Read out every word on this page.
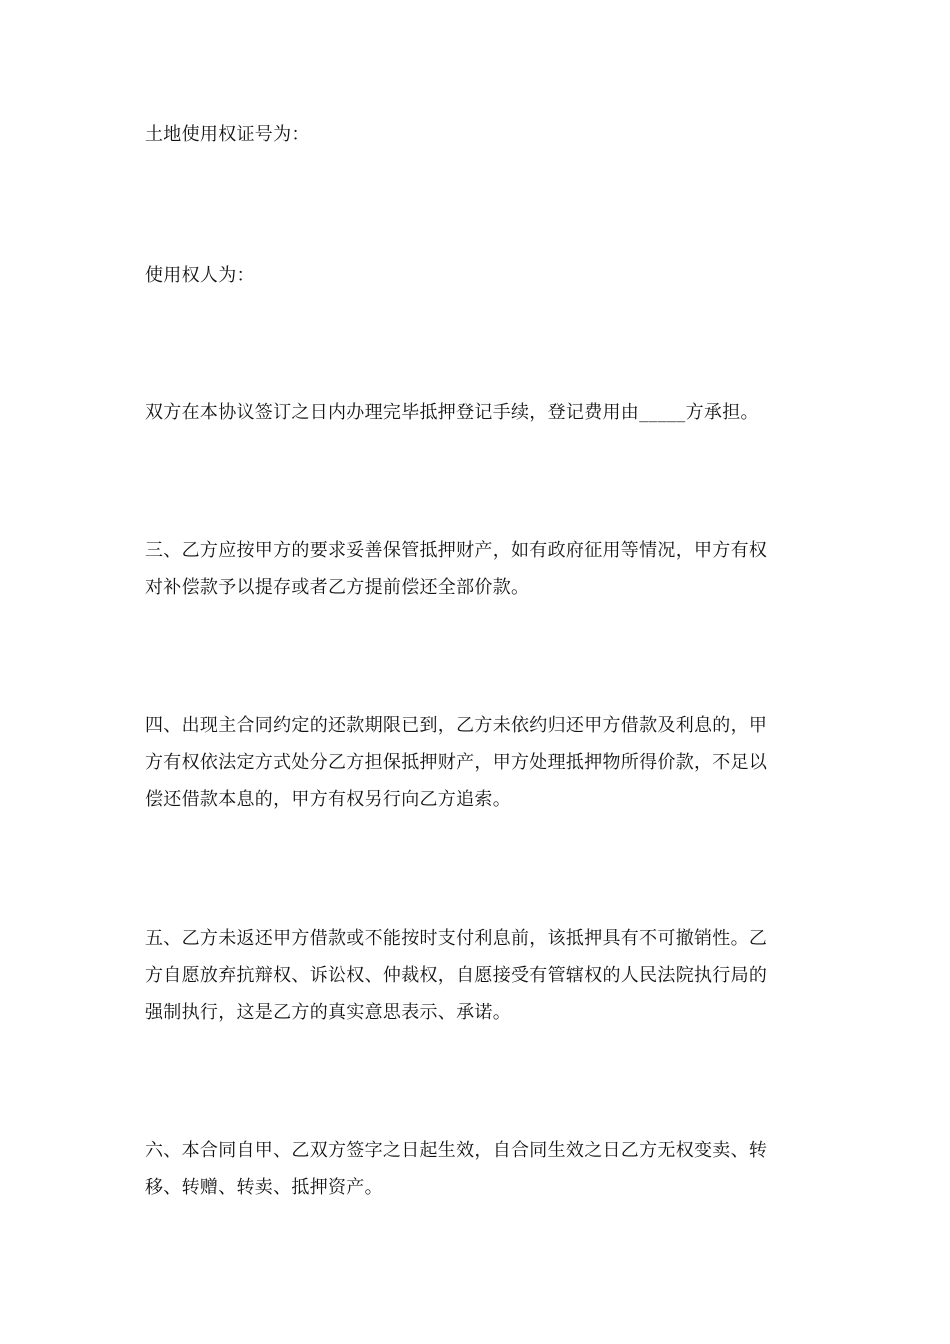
土地使用权证号为：

使用权人为：

双方在本协议签订之日内办理完毕抵押登记手续，登记费用由_____方承担。

三、乙方应按甲方的要求妥善保管抵押财产，如有政府征用等情况，甲方有权
对补偿款予以提存或者乙方提前偿还全部价款。

四、出现主合同约定的还款期限已到，乙方未依约归还甲方借款及利息的，甲
方有权依法定方式处分乙方担保抵押财产，甲方处理抵押物所得价款，不足以
偿还借款本息的，甲方有权另行向乙方追索。

五、乙方未返还甲方借款或不能按时支付利息前，该抵押具有不可撤销性。乙
方自愿放弃抗辩权、诉讼权、仲裁权，自愿接受有管辖权的人民法院执行局的
强制执行，这是乙方的真实意思表示、承诺。

六、本合同自甲、乙双方签字之日起生效，自合同生效之日乙方无权变卖、转
移、转赠、转卖、抵押资产。
